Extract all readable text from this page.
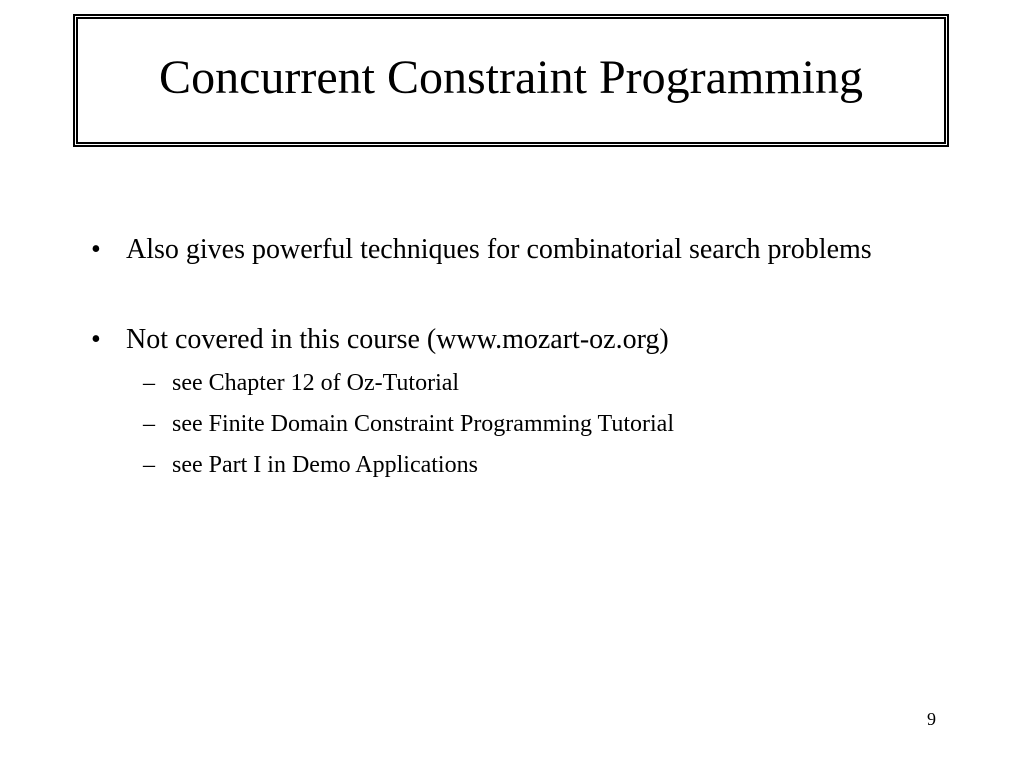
Concurrent Constraint Programming
• Also gives powerful techniques for combinatorial search problems
• Not covered in this course (www.mozart-oz.org)
– see Chapter 12 of Oz-Tutorial
– see Finite Domain Constraint Programming Tutorial
– see Part I in Demo Applications
9
